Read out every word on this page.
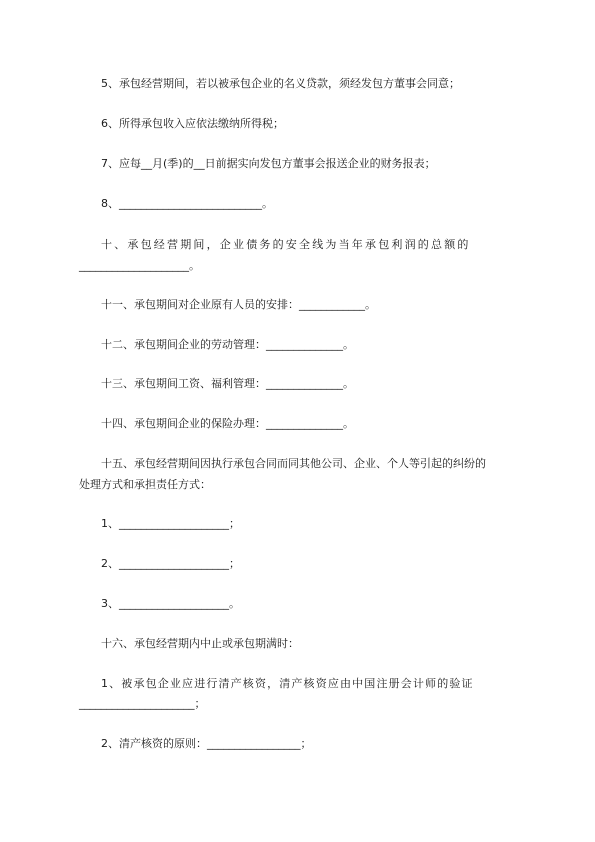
5、承包经营期间，若以被承包企业的名义贷款，须经发包方董事会同意；
6、所得承包收入应依法缴纳所得税；
7、应每__月(季)的__日前据实向发包方董事会报送企业的财务报表；
8、__________________________。
十、承包经营期间，企业债务的安全线为当年承包利润的总额的
____________________。
十一、承包期间对企业原有人员的安排：____________。
十二、承包期间企业的劳动管理：______________。
十三、承包期间工资、福利管理：______________。
十四、承包期间企业的保险办理：______________。
十五、承包经营期间因执行承包合同而同其他公司、企业、个人等引起的纠纷的
处理方式和承担责任方式：
1、____________________；
2、____________________；
3、____________________。
十六、承包经营期内中止或承包期满时：
1、被承包企业应进行清产核资，清产核资应由中国注册会计师的验证
_____________________；
2、清产核资的原则：_________________；
